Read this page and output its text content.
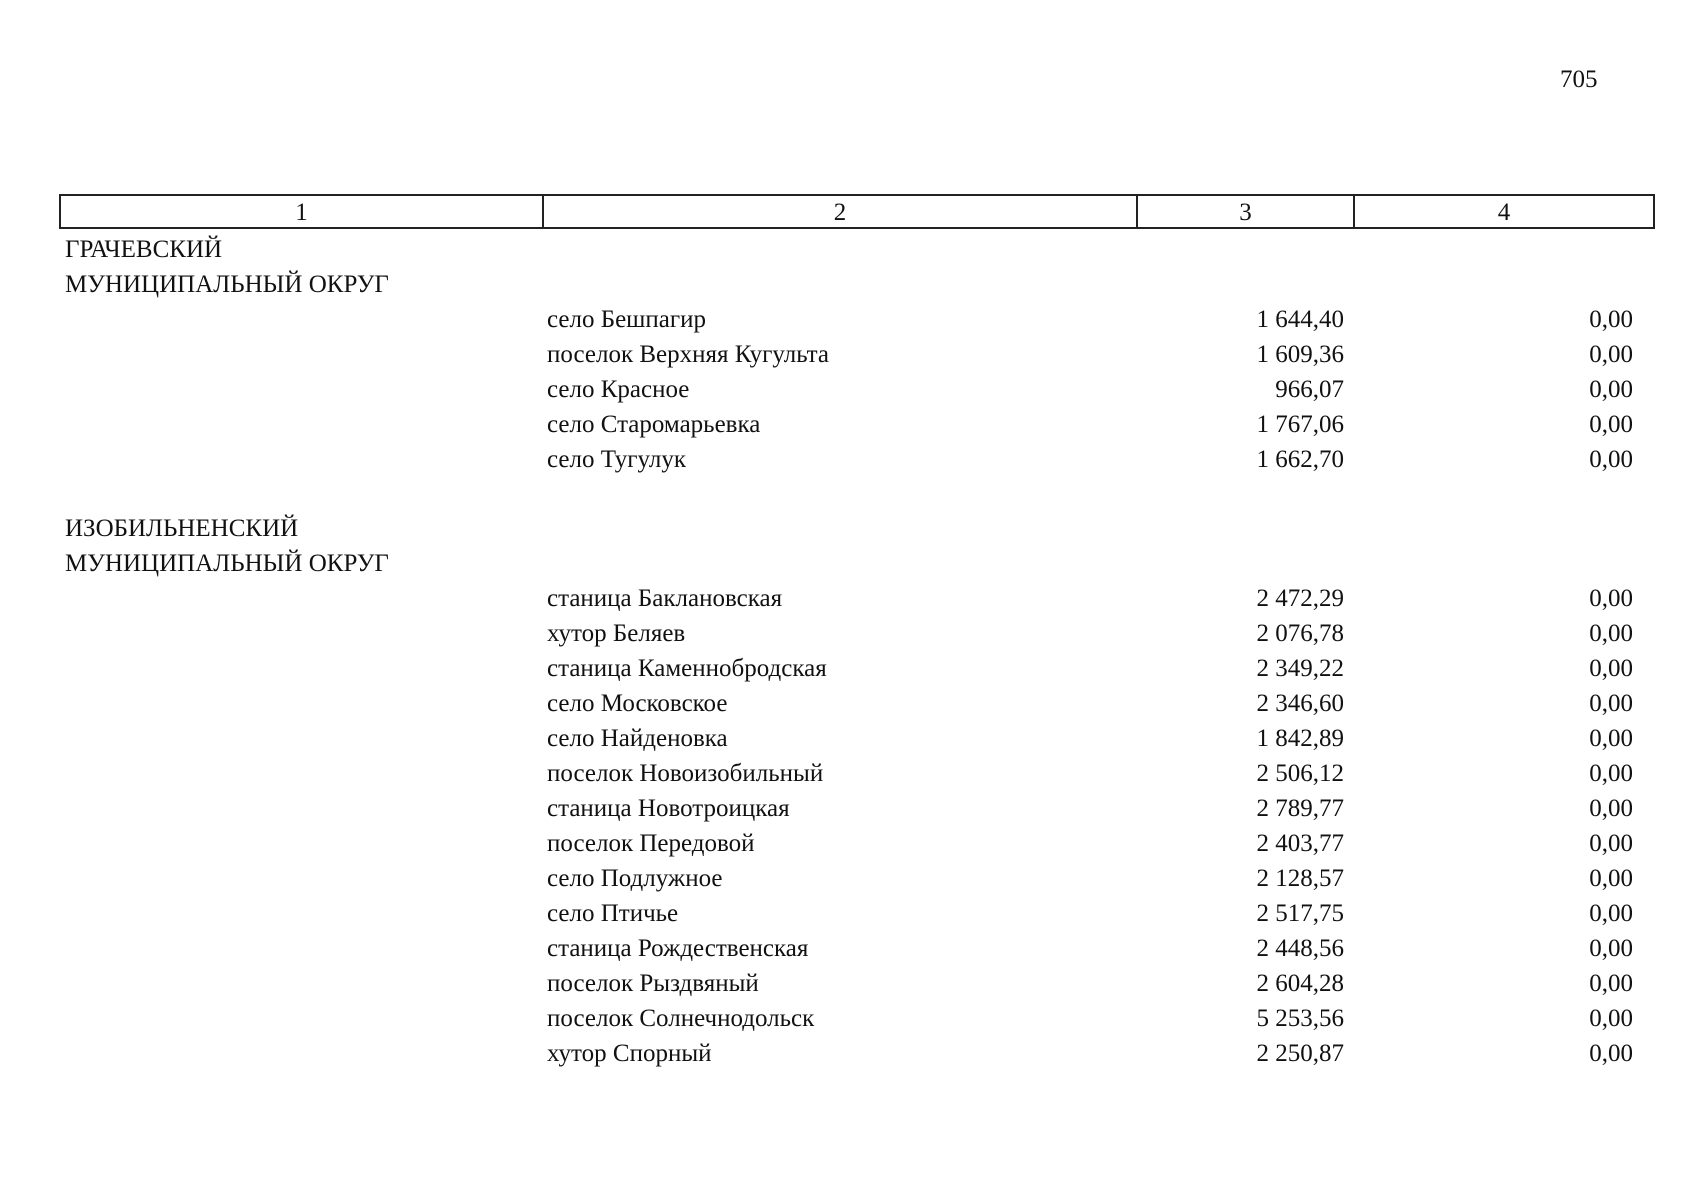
705
1	2	3	4
ГРАЧЕВСКИЙ
МУНИЦИПАЛЬНЫЙ ОКРУГ
село Бешпагир	1 644,40	0,00
поселок Верхняя Кугульта	1 609,36	0,00
село Красное	966,07	0,00
село Старомарьевка	1 767,06	0,00
село Тугулук	1 662,70	0,00
ИЗОБИЛЬНЕНСКИЙ
МУНИЦИПАЛЬНЫЙ ОКРУГ
станица Баклановская	2 472,29	0,00
хутор Беляев	2 076,78	0,00
станица Каменнобродская	2 349,22	0,00
село Московское	2 346,60	0,00
село Найденовка	1 842,89	0,00
поселок Новоизобильный	2 506,12	0,00
станица Новотроицкая	2 789,77	0,00
поселок Передовой	2 403,77	0,00
село Подлужное	2 128,57	0,00
село Птичье	2 517,75	0,00
станица Рождественская	2 448,56	0,00
поселок Рыздвяный	2 604,28	0,00
поселок Солнечнодольск	5 253,56	0,00
хутор Спорный	2 250,87	0,00
